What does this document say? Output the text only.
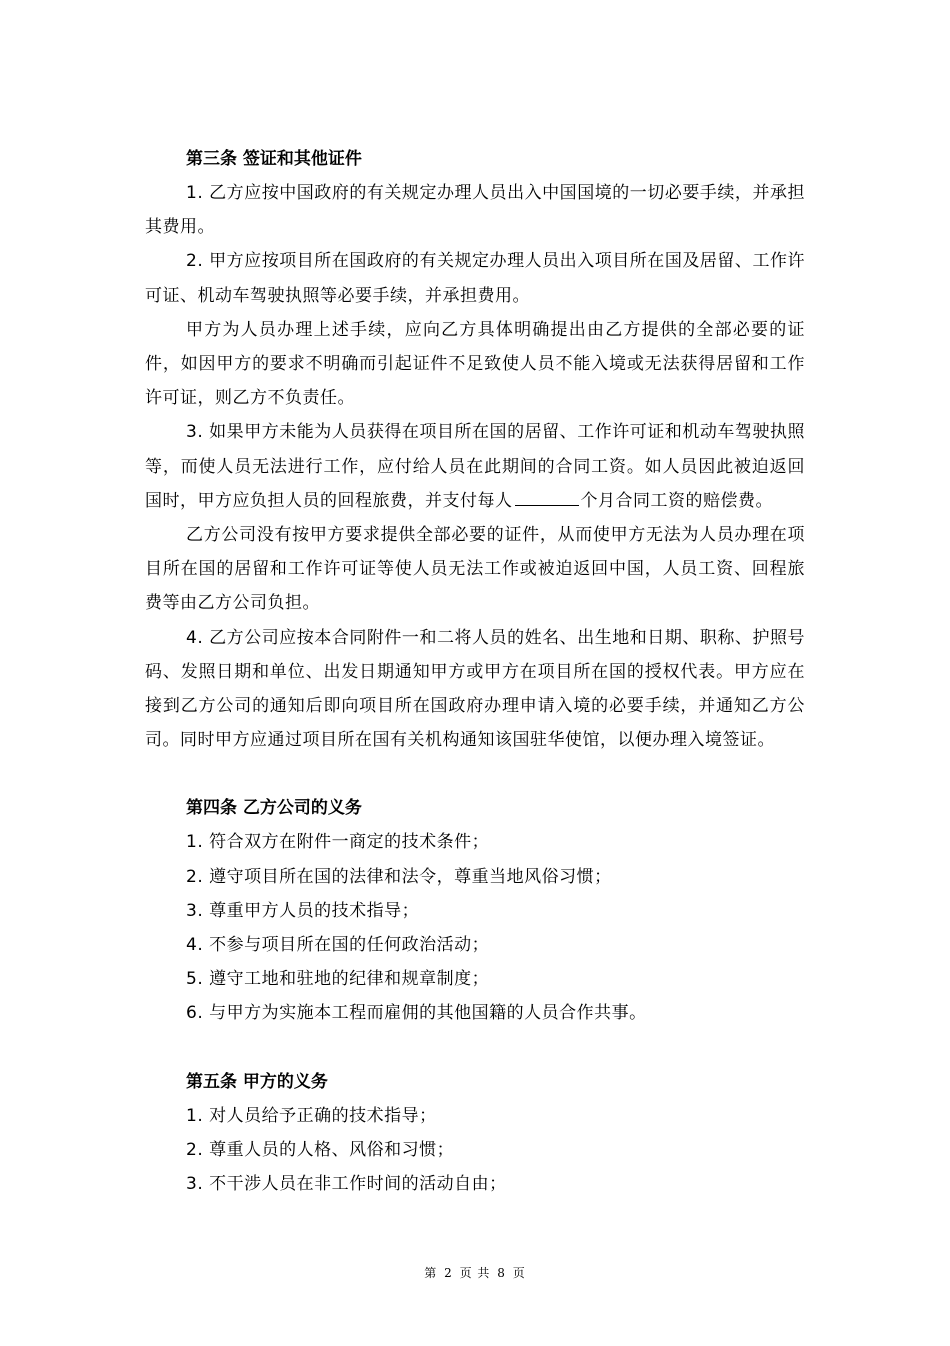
第三条 签证和其他证件

1. 乙方应按中国政府的有关规定办理人员出入中国国境的一切必要手续，并承担其费用。

2. 甲方应按项目所在国政府的有关规定办理人员出入项目所在国及居留、工作许可证、机动车驾驶执照等必要手续，并承担费用。

甲方为人员办理上述手续，应向乙方具体明确提出由乙方提供的全部必要的证件，如因甲方的要求不明确而引起证件不足致使人员不能入境或无法获得居留和工作许可证，则乙方不负责任。

3. 如果甲方未能为人员获得在项目所在国的居留、工作许可证和机动车驾驶执照等，而使人员无法进行工作，应付给人员在此期间的合同工资。如人员因此被迫返回国时，甲方应负担人员的回程旅费，并支付每人	个月合同工资的赔偿费。

乙方公司没有按甲方要求提供全部必要的证件，从而使甲方无法为人员办理在项目所在国的居留和工作许可证等使人员无法工作或被迫返回中国，人员工资、回程旅费等由乙方公司负担。

4. 乙方公司应按本合同附件一和二将人员的姓名、出生地和日期、职称、护照号码、发照日期和单位、出发日期通知甲方或甲方在项目所在国的授权代表。甲方应在接到乙方公司的通知后即向项目所在国政府办理申请入境的必要手续，并通知乙方公司。同时甲方应通过项目所在国有关机构通知该国驻华使馆，以便办理入境签证。

第四条 乙方公司的义务

1. 符合双方在附件一商定的技术条件；

2. 遵守项目所在国的法律和法令，尊重当地风俗习惯；

3. 尊重甲方人员的技术指导；

4. 不参与项目所在国的任何政治活动；

5. 遵守工地和驻地的纪律和规章制度；

6. 与甲方为实施本工程而雇佣的其他国籍的人员合作共事。

第五条 甲方的义务

1. 对人员给予正确的技术指导；

2. 尊重人员的人格、风俗和习惯；

3. 不干涉人员在非工作时间的活动自由；

第 2 页 共 8 页
